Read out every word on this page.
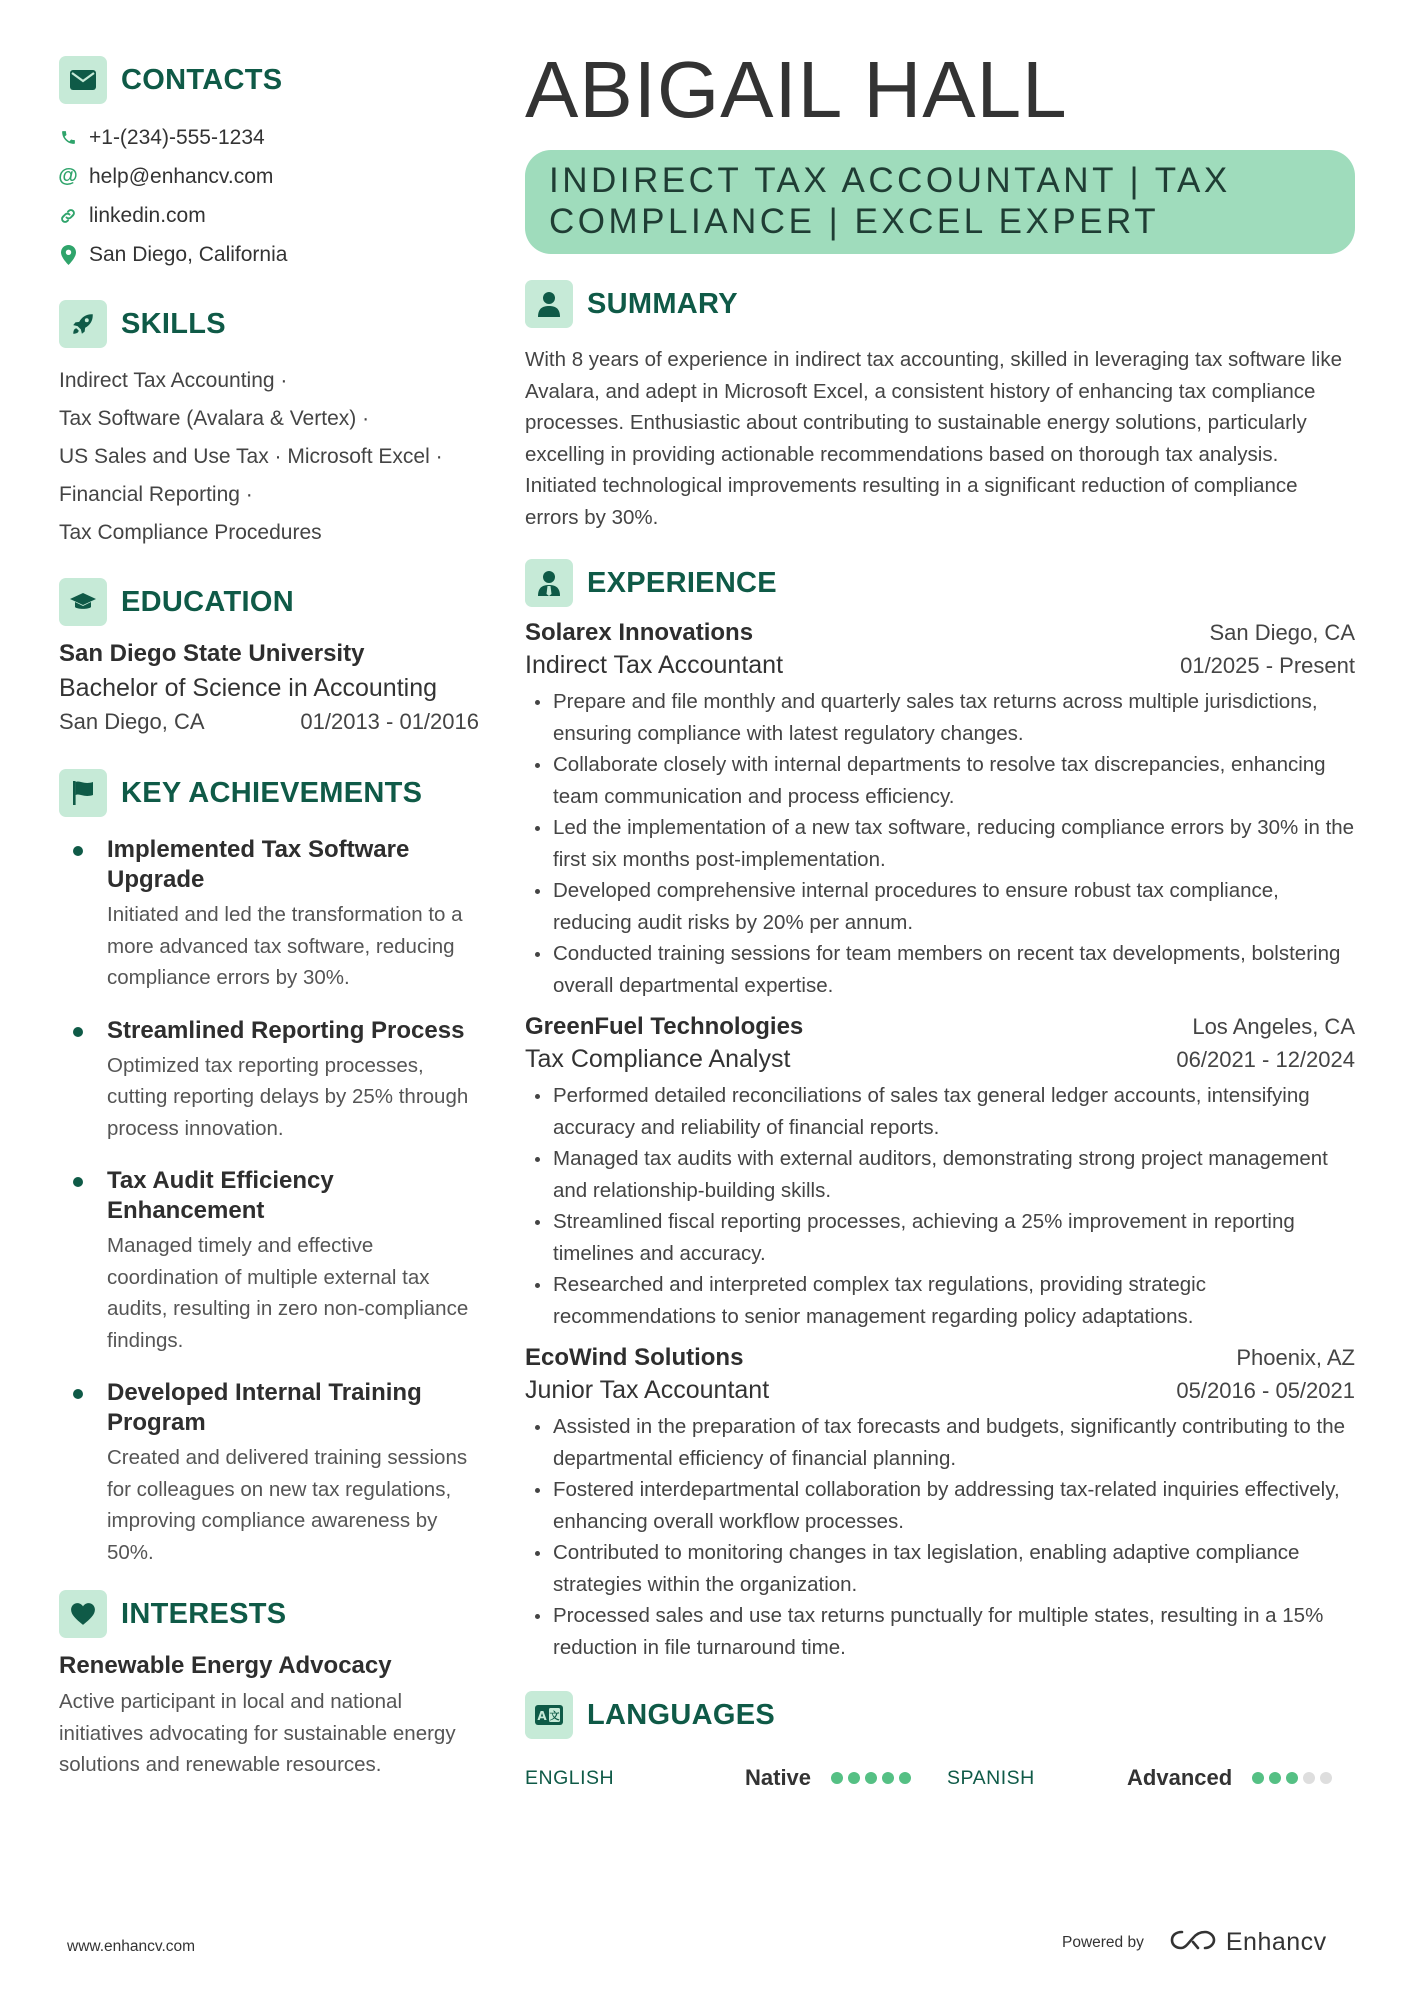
CONTACTS
+1-(234)-555-1234
@ help@enhancv.com
linkedin.com
San Diego, California
SKILLS
Indirect Tax Accounting ·
Tax Software (Avalara & Vertex) ·
US Sales and Use Tax · Microsoft Excel ·
Financial Reporting ·
Tax Compliance Procedures
EDUCATION
San Diego State University
Bachelor of Science in Accounting
San Diego, CA	01/2013 - 01/2016
KEY ACHIEVEMENTS
Implemented Tax Software Upgrade
Initiated and led the transformation to a more advanced tax software, reducing compliance errors by 30%.
Streamlined Reporting Process
Optimized tax reporting processes, cutting reporting delays by 25% through process innovation.
Tax Audit Efficiency Enhancement
Managed timely and effective coordination of multiple external tax audits, resulting in zero non-compliance findings.
Developed Internal Training Program
Created and delivered training sessions for colleagues on new tax regulations, improving compliance awareness by 50%.
INTERESTS
Renewable Energy Advocacy
Active participant in local and national initiatives advocating for sustainable energy solutions and renewable resources.
ABIGAIL HALL
INDIRECT TAX ACCOUNTANT | TAX COMPLIANCE | EXCEL EXPERT
SUMMARY
With 8 years of experience in indirect tax accounting, skilled in leveraging tax software like Avalara, and adept in Microsoft Excel, a consistent history of enhancing tax compliance processes. Enthusiastic about contributing to sustainable energy solutions, particularly excelling in providing actionable recommendations based on thorough tax analysis. Initiated technological improvements resulting in a significant reduction of compliance errors by 30%.
EXPERIENCE
Solarex Innovations	San Diego, CA
Indirect Tax Accountant	01/2025 - Present
Prepare and file monthly and quarterly sales tax returns across multiple jurisdictions, ensuring compliance with latest regulatory changes.
Collaborate closely with internal departments to resolve tax discrepancies, enhancing team communication and process efficiency.
Led the implementation of a new tax software, reducing compliance errors by 30% in the first six months post-implementation.
Developed comprehensive internal procedures to ensure robust tax compliance, reducing audit risks by 20% per annum.
Conducted training sessions for team members on recent tax developments, bolstering overall departmental expertise.
GreenFuel Technologies	Los Angeles, CA
Tax Compliance Analyst	06/2021 - 12/2024
Performed detailed reconciliations of sales tax general ledger accounts, intensifying accuracy and reliability of financial reports.
Managed tax audits with external auditors, demonstrating strong project management and relationship-building skills.
Streamlined fiscal reporting processes, achieving a 25% improvement in reporting timelines and accuracy.
Researched and interpreted complex tax regulations, providing strategic recommendations to senior management regarding policy adaptations.
EcoWind Solutions	Phoenix, AZ
Junior Tax Accountant	05/2016 - 05/2021
Assisted in the preparation of tax forecasts and budgets, significantly contributing to the departmental efficiency of financial planning.
Fostered interdepartmental collaboration by addressing tax-related inquiries effectively, enhancing overall workflow processes.
Contributed to monitoring changes in tax legislation, enabling adaptive compliance strategies within the organization.
Processed sales and use tax returns punctually for multiple states, resulting in a 15% reduction in file turnaround time.
A 文 LANGUAGES
ENGLISH	Native	SPANISH	Advanced
www.enhancv.com	Powered by	Enhancv
